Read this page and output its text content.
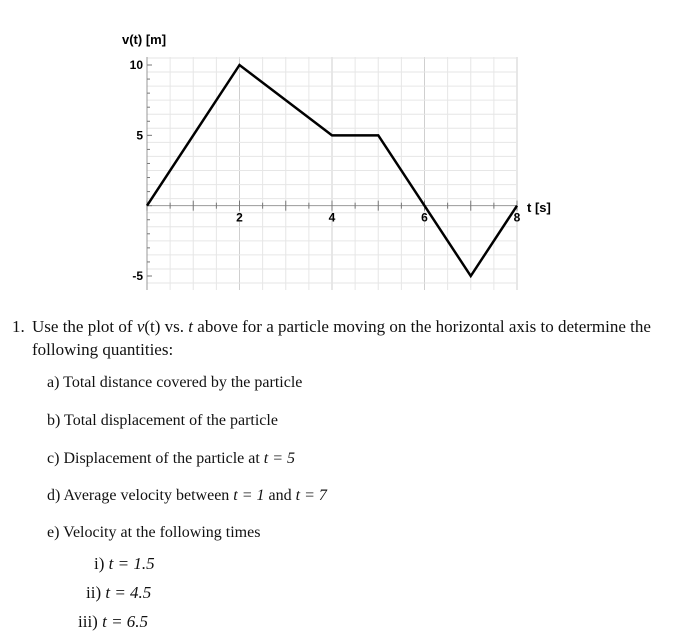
2	4	6	8
10
5
-5
v(t) [m]
t [s]
1. Use the plot of v(t) vs. t above for a particle moving on the horizontal axis to determine the following quantities:
a) Total distance covered by the particle
b) Total displacement of the particle
c) Displacement of the particle at t = 5
d) Average velocity between t = 1 and t = 7
e) Velocity at the following times
i) t = 1.5
ii) t = 4.5
iii) t = 6.5
